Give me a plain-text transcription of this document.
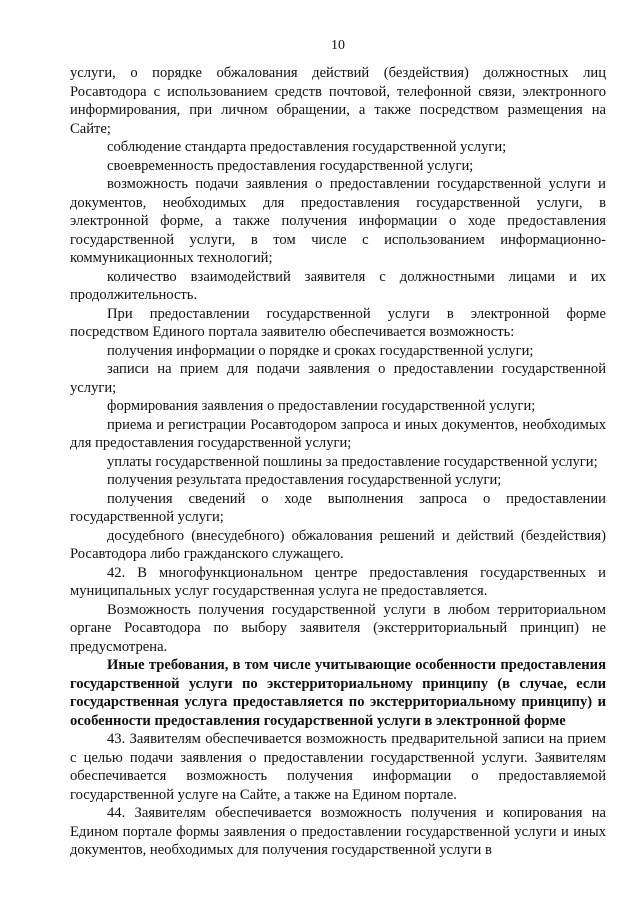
10

услуги, о порядке обжалования действий (бездействия) должностных лиц Росавтодора с использованием средств почтовой, телефонной связи, электронного информирования, при личном обращении, а также посредством размещения на Сайте;

соблюдение стандарта предоставления государственной услуги;

своевременность предоставления государственной услуги;

возможность подачи заявления о предоставлении государственной услуги и документов, необходимых для предоставления государственной услуги, в электронной форме, а также получения информации о ходе предоставления государственной услуги, в том числе с использованием информационно-коммуникационных технологий;

количество взаимодействий заявителя с должностными лицами и их продолжительность.

При предоставлении государственной услуги в электронной форме посредством Единого портала заявителю обеспечивается возможность:

получения информации о порядке и сроках государственной услуги;

записи на прием для подачи заявления о предоставлении государственной услуги;

формирования заявления о предоставлении государственной услуги;

приема и регистрации Росавтодором запроса и иных документов, необходимых для предоставления государственной услуги;

уплаты государственной пошлины за предоставление государственной услуги;

получения результата предоставления государственной услуги;

получения сведений о ходе выполнения запроса о предоставлении государственной услуги;

досудебного (внесудебного) обжалования решений и действий (бездействия) Росавтодора либо гражданского служащего.

42. В многофункциональном центре предоставления государственных и муниципальных услуг государственная услуга не предоставляется.

Возможность получения государственной услуги в любом территориальном органе Росавтодора по выбору заявителя (экстерриториальный принцип) не предусмотрена.

Иные требования, в том числе учитывающие особенности предоставления государственной услуги по экстерриториальному принципу (в случае, если государственная услуга предоставляется по экстерриториальному принципу) и особенности предоставления государственной услуги в электронной форме

43. Заявителям обеспечивается возможность предварительной записи на прием с целью подачи заявления о предоставлении государственной услуги. Заявителям обеспечивается возможность получения информации о предоставляемой государственной услуге на Сайте, а также на Едином портале.

44. Заявителям обеспечивается возможность получения и копирования на Едином портале формы заявления о предоставлении государственной услуги и иных документов, необходимых для получения государственной услуги в
